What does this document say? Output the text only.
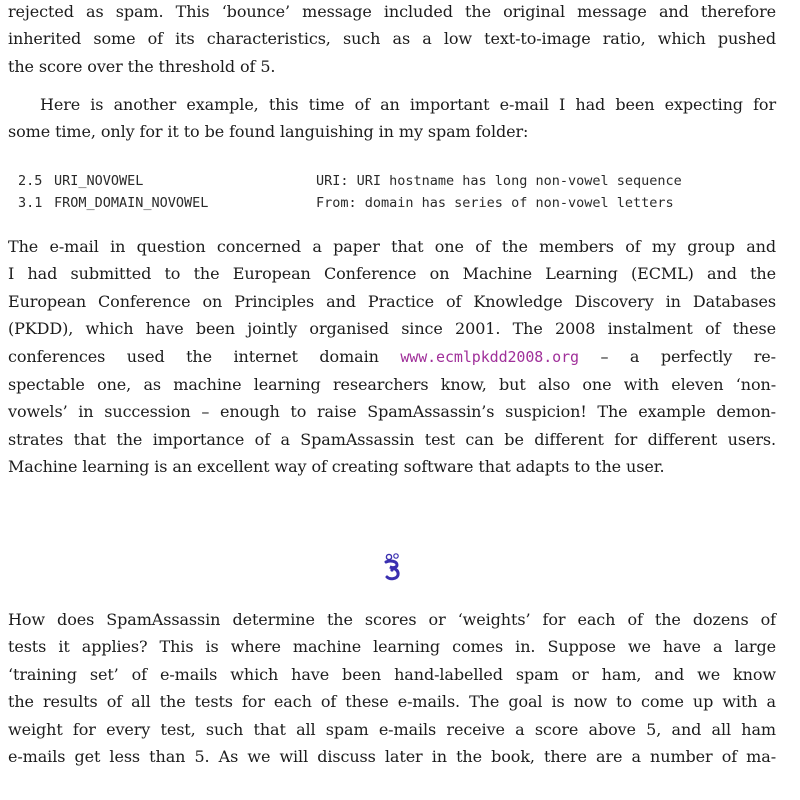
rejected as spam. This ‘bounce’ message included the original message and therefore
inherited some of its characteristics, such as a low text-to-image ratio, which pushed
the score over the threshold of 5.

Here is another example, this time of an important e-mail I had been expecting for
some time, only for it to be found languishing in my spam folder:

2.5 URI_NOVOWEL	URI: URI hostname has long non-vowel sequence
3.1 FROM_DOMAIN_NOVOWEL	From: domain has series of non-vowel letters

The e-mail in question concerned a paper that one of the members of my group and
I had submitted to the European Conference on Machine Learning (ECML) and the
European Conference on Principles and Practice of Knowledge Discovery in Databases
(PKDD), which have been jointly organised since 2001. The 2008 instalment of these
conferences used the internet domain www.ecmlpkdd2008.org – a perfectly re-
spectable one, as machine learning researchers know, but also one with eleven ‘non-
vowels’ in succession – enough to raise SpamAssassin’s suspicion! The example demon-
strates that the importance of a SpamAssassin test can be different for different users.
Machine learning is an excellent way of creating software that adapts to the user.

How does SpamAssassin determine the scores or ‘weights’ for each of the dozens of
tests it applies? This is where machine learning comes in. Suppose we have a large
‘training set’ of e-mails which have been hand-labelled spam or ham, and we know
the results of all the tests for each of these e-mails. The goal is now to come up with a
weight for every test, such that all spam e-mails receive a score above 5, and all ham
e-mails get less than 5. As we will discuss later in the book, there are a number of ma-
